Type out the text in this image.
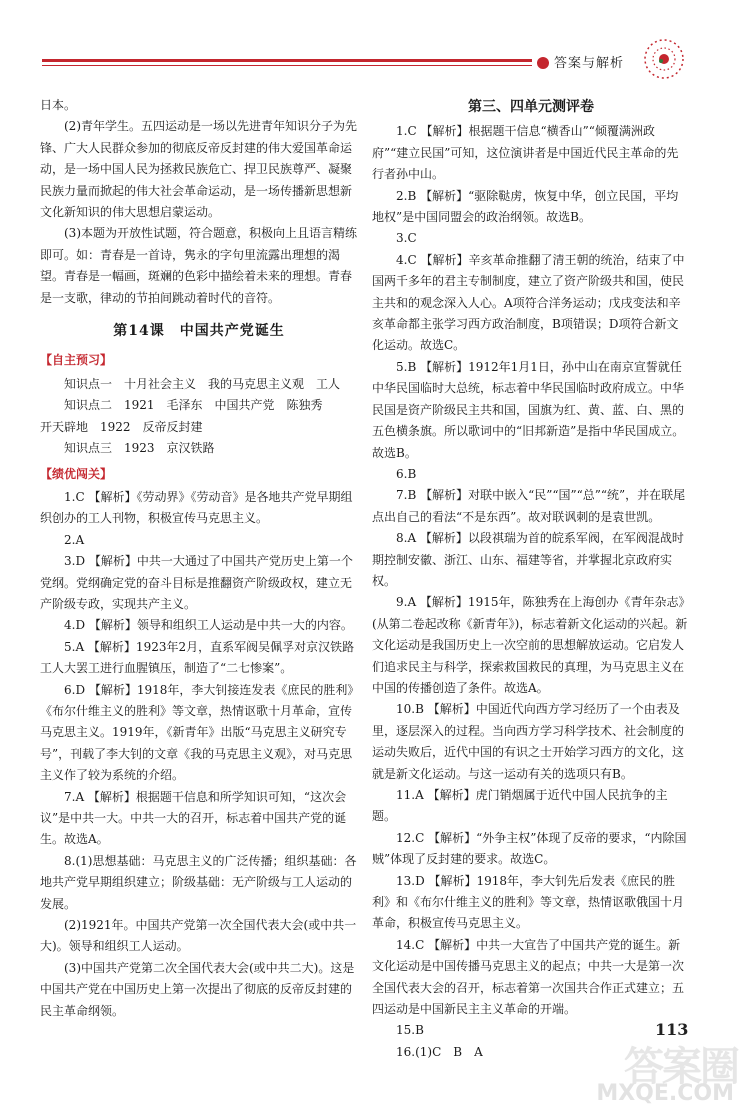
答案与解析

日本。

(2)青年学生。五四运动是一场以先进青年知识分子为先锋、广大人民群众参加的彻底反帝反封建的伟大爱国革命运动，是一场中国人民为拯救民族危亡、捍卫民族尊严、凝聚民族力量而掀起的伟大社会革命运动，是一场传播新思想新文化新知识的伟大思想启蒙运动。

(3)本题为开放性试题，符合题意，积极向上且语言精练即可。如：青春是一首诗，隽永的字句里流露出理想的渴望。青春是一幅画，斑斓的色彩中描绘着未来的理想。青春是一支歌，律动的节拍间跳动着时代的音符。

第14课　中国共产党诞生

【自主预习】

知识点一　十月社会主义　我的马克思主义观　工人

知识点二　1921　毛泽东　中国共产党　陈独秀

开天辟地　1922　反帝反封建

知识点三　1923　京汉铁路

【绩优闯关】

1.C 【解析】《劳动界》《劳动音》是各地共产党早期组织创办的工人刊物，积极宣传马克思主义。

2.A

3.D 【解析】中共一大通过了中国共产党历史上第一个党纲。党纲确定党的奋斗目标是推翻资产阶级政权，建立无产阶级专政，实现共产主义。

4.D 【解析】领导和组织工人运动是中共一大的内容。

5.A 【解析】1923年2月，直系军阀吴佩孚对京汉铁路工人大罢工进行血腥镇压，制造了“二七惨案”。

6.D 【解析】1918年，李大钊接连发表《庶民的胜利》《布尔什维主义的胜利》等文章，热情讴歌十月革命，宣传马克思主义。1919年，《新青年》出版“马克思主义研究专号”，刊载了李大钊的文章《我的马克思主义观》，对马克思主义作了较为系统的介绍。

7.A 【解析】根据题干信息和所学知识可知，“这次会议”是中共一大。中共一大的召开，标志着中国共产党的诞生。故选A。

8.(1)思想基础：马克思主义的广泛传播；组织基础：各地共产党早期组织建立；阶级基础：无产阶级与工人运动的发展。

(2)1921年。中国共产党第一次全国代表大会(或中共一大)。领导和组织工人运动。

(3)中国共产党第二次全国代表大会(或中共二大)。这是中国共产党在中国历史上第一次提出了彻底的反帝反封建的民主革命纲领。

第三、四单元测评卷

1.C 【解析】根据题干信息“横香山”“倾覆满洲政府”“建立民国”可知，这位演讲者是中国近代民主革命的先行者孙中山。

2.B 【解析】“驱除鞑虏，恢复中华，创立民国，平均地权”是中国同盟会的政治纲领。故选B。

3.C

4.C 【解析】辛亥革命推翻了清王朝的统治，结束了中国两千多年的君主专制制度，建立了资产阶级共和国，使民主共和的观念深入人心。A项符合洋务运动；戊戌变法和辛亥革命都主张学习西方政治制度，B项错误；D项符合新文化运动。故选C。

5.B 【解析】1912年1月1日，孙中山在南京宣誓就任中华民国临时大总统，标志着中华民国临时政府成立。中华民国是资产阶级民主共和国，国旗为红、黄、蓝、白、黑的五色横条旗。所以歌词中的“旧邦新造”是指中华民国成立。故选B。

6.B

7.B 【解析】对联中嵌入“民”“国”“总”“统”，并在联尾点出自己的看法“不是东西”。故对联讽刺的是袁世凯。

8.A 【解析】以段祺瑞为首的皖系军阀，在军阀混战时期控制安徽、浙江、山东、福建等省，并掌握北京政府实权。

9.A 【解析】1915年，陈独秀在上海创办《青年杂志》(从第二卷起改称《新青年》)，标志着新文化运动的兴起。新文化运动是我国历史上一次空前的思想解放运动。它启发人们追求民主与科学，探索救国救民的真理，为马克思主义在中国的传播创造了条件。故选A。

10.B 【解析】中国近代向西方学习经历了一个由表及里，逐层深入的过程。当向西方学习科学技术、社会制度的运动失败后，近代中国的有识之士开始学习西方的文化，这就是新文化运动。与这一运动有关的选项只有B。

11.A 【解析】虎门销烟属于近代中国人民抗争的主题。

12.C 【解析】“外争主权”体现了反帝的要求，“内除国贼”体现了反封建的要求。故选C。

13.D 【解析】1918年，李大钊先后发表《庶民的胜利》和《布尔什维主义的胜利》等文章，热情讴歌俄国十月革命，积极宣传马克思主义。

14.C 【解析】中共一大宣告了中国共产党的诞生。新文化运动是中国传播马克思主义的起点；中共一大是第一次全国代表大会的召开，标志着第一次国共合作正式建立；五四运动是中国新民主主义革命的开端。

15.B

16.(1)C　B　A

113
答案圈
MXQE.COM
